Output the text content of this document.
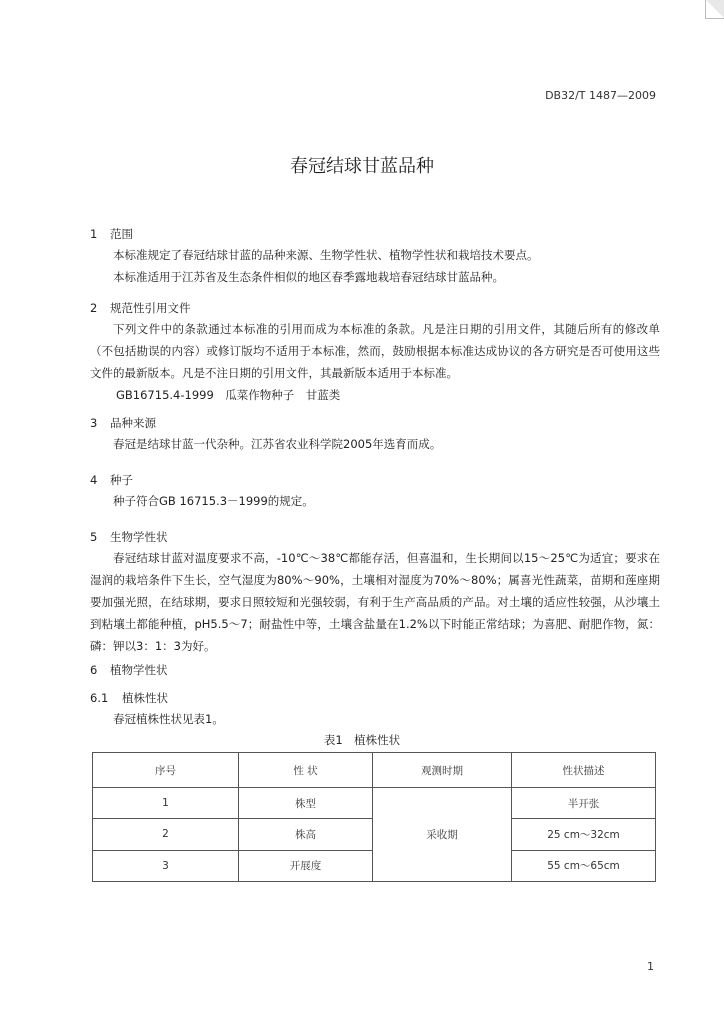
DB32/T 1487—2009
春冠结球甘蓝品种
1	范围

本标准规定了春冠结球甘蓝的品种来源、生物学性状、植物学性状和栽培技术要点。

本标准适用于江苏省及生态条件相似的地区春季露地栽培春冠结球甘蓝品种。

2	规范性引用文件

下列文件中的条款通过本标准的引用而成为本标准的条款。凡是注日期的引用文件，其随后所有的修改单（不包括勘误的内容）或修订版均不适用于本标准，然而，鼓励根据本标准达成协议的各方研究是否可使用这些文件的最新版本。凡是不注日期的引用文件，其最新版本适用于本标准。

GB16715.4-1999　瓜菜作物种子　甘蓝类

3	品种来源

春冠是结球甘蓝一代杂种。江苏省农业科学院2005年选育而成。

4	种子

种子符合GB 16715.3－1999的规定。

5	生物学性状

春冠结球甘蓝对温度要求不高，-10℃～38℃都能存活，但喜温和，生长期间以15～25℃为适宜；要求在湿润的栽培条件下生长，空气湿度为80%～90%，土壤相对湿度为70%～80%；属喜光性蔬菜，苗期和莲座期要加强光照，在结球期，要求日照较短和光强较弱，有利于生产高品质的产品。对土壤的适应性较强，从沙壤土到粘壤土都能种植，pH5.5～7；耐盐性中等，土壤含盐量在1.2%以下时能正常结球；为喜肥、耐肥作物，氮：磷：钾以3：1：3为好。

6	植物学性状
6.1	植株性状

春冠植株性状见表1。

表1　植株性状
序号	性 状	观测时期	性状描述
1	株型	采收期	半开张
2	株高		25 cm～32cm
3	开展度		55 cm～65cm
1
